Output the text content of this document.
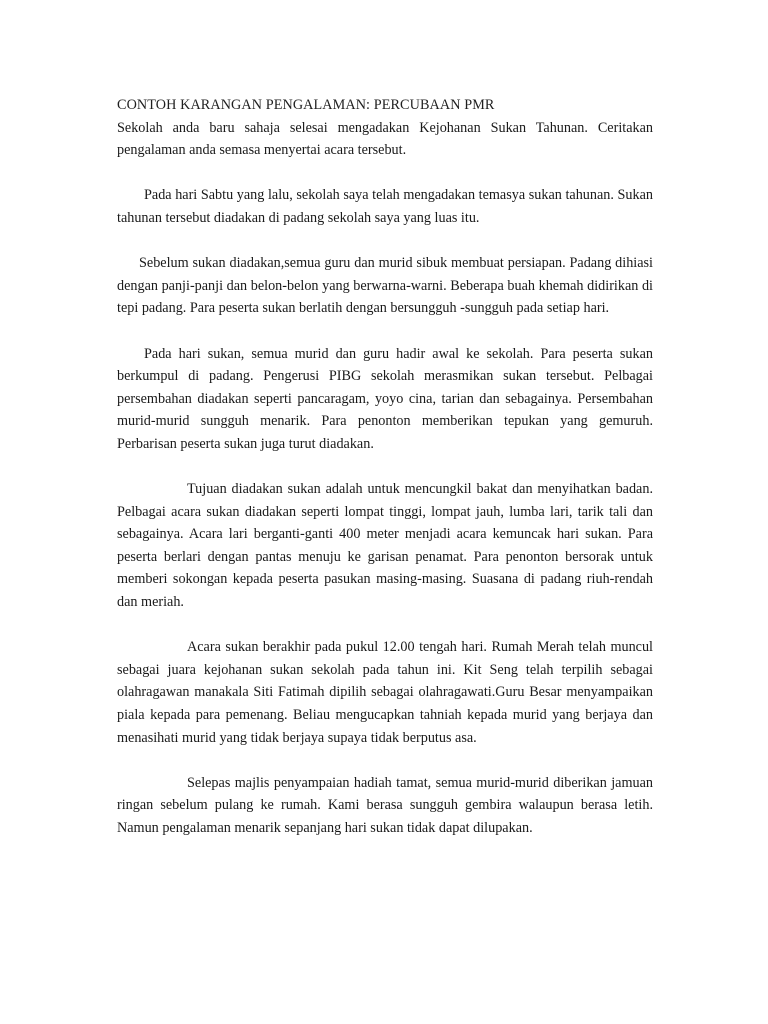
CONTOH KARANGAN PENGALAMAN: PERCUBAAN PMR

Sekolah anda baru sahaja selesai mengadakan Kejohanan Sukan Tahunan. Ceritakan pengalaman anda semasa menyertai acara tersebut.

Pada hari Sabtu yang lalu, sekolah saya telah mengadakan temasya sukan tahunan. Sukan tahunan tersebut diadakan di padang sekolah saya yang luas itu.

Sebelum sukan diadakan,semua guru dan murid sibuk membuat persiapan. Padang dihiasi dengan panji-panji dan belon-belon yang berwarna-warni. Beberapa buah khemah didirikan di tepi padang. Para peserta sukan berlatih dengan bersungguh -sungguh pada setiap hari.

Pada hari sukan, semua murid dan guru hadir awal ke sekolah. Para peserta sukan berkumpul di padang. Pengerusi PIBG sekolah merasmikan sukan tersebut. Pelbagai persembahan diadakan seperti pancaragam, yoyo cina, tarian dan sebagainya. Persembahan murid-murid sungguh menarik. Para penonton memberikan tepukan yang gemuruh. Perbarisan peserta sukan juga turut diadakan.

Tujuan diadakan sukan adalah untuk mencungkil bakat dan menyihatkan badan. Pelbagai acara sukan diadakan seperti lompat tinggi, lompat jauh, lumba lari, tarik tali dan sebagainya. Acara lari berganti-ganti 400 meter menjadi acara kemuncak hari sukan. Para peserta berlari dengan pantas menuju ke garisan penamat. Para penonton bersorak untuk memberi sokongan kepada peserta pasukan masing-masing. Suasana di padang riuh-rendah dan meriah.

Acara sukan berakhir pada pukul 12.00 tengah hari. Rumah Merah telah muncul sebagai juara kejohanan sukan sekolah pada tahun ini. Kit Seng telah terpilih sebagai olahragawan manakala Siti Fatimah dipilih sebagai olahragawati.Guru Besar menyampaikan piala kepada para pemenang. Beliau mengucapkan tahniah kepada murid yang berjaya dan menasihati murid yang tidak berjaya supaya tidak berputus asa.

Selepas majlis penyampaian hadiah tamat, semua murid-murid diberikan jamuan ringan sebelum pulang ke rumah. Kami berasa sungguh gembira walaupun berasa letih. Namun pengalaman menarik sepanjang hari sukan tidak dapat dilupakan.
